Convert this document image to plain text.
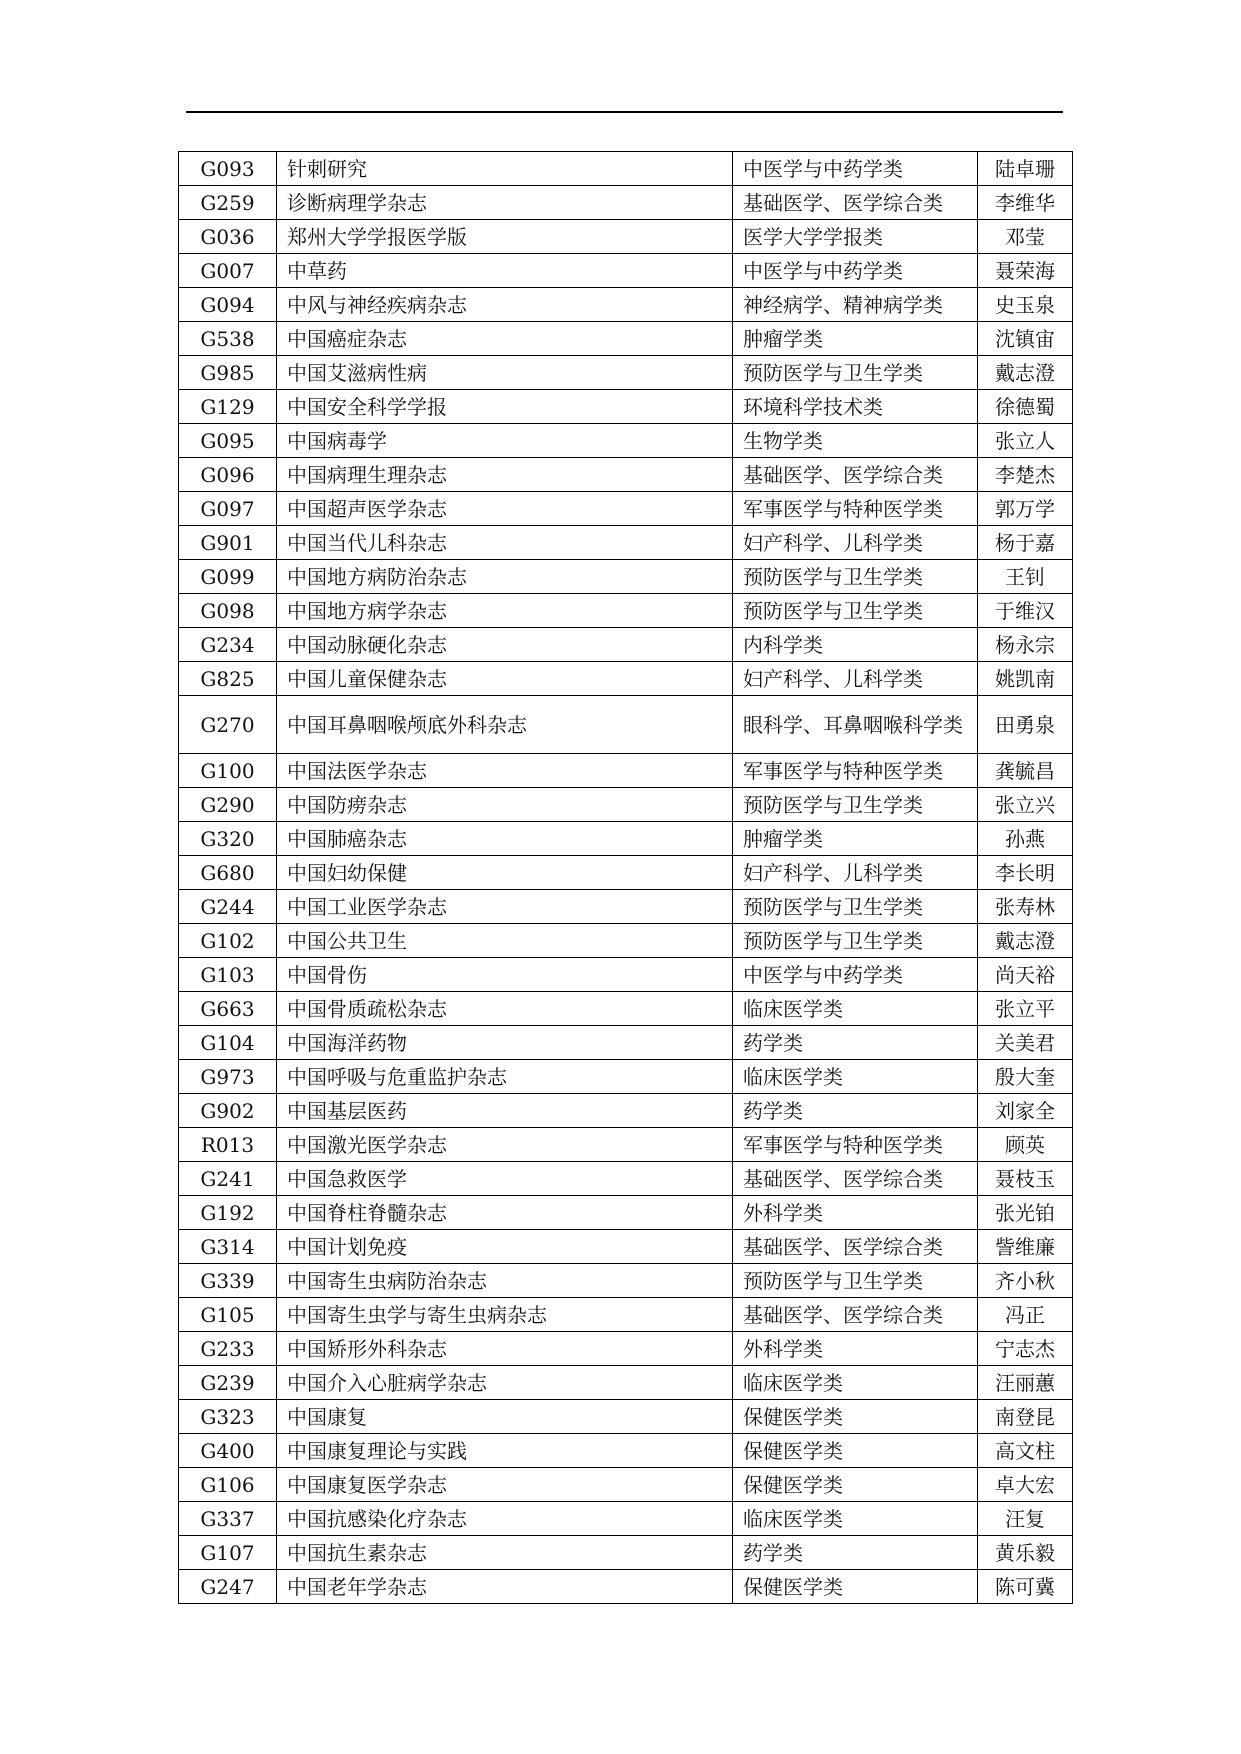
G093	针刺研究	中医学与中药学类	陆卓珊
G259	诊断病理学杂志	基础医学、医学综合类	李维华
G036	郑州大学学报医学版	医学大学学报类	邓莹
G007	中草药	中医学与中药学类	聂荣海
G094	中风与神经疾病杂志	神经病学、精神病学类	史玉泉
G538	中国癌症杂志	肿瘤学类	沈镇宙
G985	中国艾滋病性病	预防医学与卫生学类	戴志澄
G129	中国安全科学学报	环境科学技术类	徐德蜀
G095	中国病毒学	生物学类	张立人
G096	中国病理生理杂志	基础医学、医学综合类	李楚杰
G097	中国超声医学杂志	军事医学与特种医学类	郭万学
G901	中国当代儿科杂志	妇产科学、儿科学类	杨于嘉
G099	中国地方病防治杂志	预防医学与卫生学类	王钊
G098	中国地方病学杂志	预防医学与卫生学类	于维汉
G234	中国动脉硬化杂志	内科学类	杨永宗
G825	中国儿童保健杂志	妇产科学、儿科学类	姚凯南
G270	中国耳鼻咽喉颅底外科杂志	眼科学、耳鼻咽喉科学类	田勇泉
G100	中国法医学杂志	军事医学与特种医学类	龚毓昌
G290	中国防痨杂志	预防医学与卫生学类	张立兴
G320	中国肺癌杂志	肿瘤学类	孙燕
G680	中国妇幼保健	妇产科学、儿科学类	李长明
G244	中国工业医学杂志	预防医学与卫生学类	张寿林
G102	中国公共卫生	预防医学与卫生学类	戴志澄
G103	中国骨伤	中医学与中药学类	尚天裕
G663	中国骨质疏松杂志	临床医学类	张立平
G104	中国海洋药物	药学类	关美君
G973	中国呼吸与危重监护杂志	临床医学类	殷大奎
G902	中国基层医药	药学类	刘家全
R013	中国激光医学杂志	军事医学与特种医学类	顾英
G241	中国急救医学	基础医学、医学综合类	聂枝玉
G192	中国脊柱脊髓杂志	外科学类	张光铂
G314	中国计划免疫	基础医学、医学综合类	訾维廉
G339	中国寄生虫病防治杂志	预防医学与卫生学类	齐小秋
G105	中国寄生虫学与寄生虫病杂志	基础医学、医学综合类	冯正
G233	中国矫形外科杂志	外科学类	宁志杰
G239	中国介入心脏病学杂志	临床医学类	汪丽蕙
G323	中国康复	保健医学类	南登昆
G400	中国康复理论与实践	保健医学类	高文柱
G106	中国康复医学杂志	保健医学类	卓大宏
G337	中国抗感染化疗杂志	临床医学类	汪复
G107	中国抗生素杂志	药学类	黄乐毅
G247	中国老年学杂志	保健医学类	陈可冀
